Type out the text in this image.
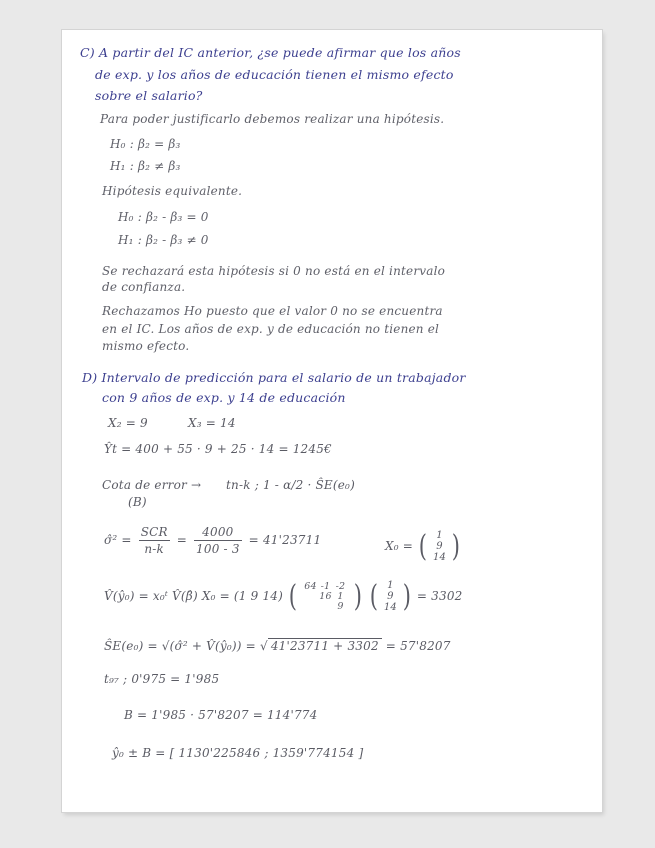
C) A partir del IC anterior, ¿se puede afirmar que los años
de exp. y los años de educación tienen el mismo efecto
sobre el salario?
Para poder justificarlo debemos realizar una hipótesis.
H₀ : β₂ = β₃
H₁ : β₂ ≠ β₃
Hipótesis equivalente.
H₀ : β₂ - β₃ = 0
H₁ : β₂ - β₃ ≠ 0
Se rechazará esta hipótesis si 0 no está en el intervalo
de confianza.
Rechazamos Ho puesto que el valor 0 no se encuentra
en el IC. Los años de exp. y de educación no tienen el
mismo efecto.
D) Intervalo de predicción para el salario de un trabajador
con 9 años de exp. y 14 de educación
X₂ = 9	X₃ = 14
Ŷt = 400 + 55 · 9 + 25 · 14 = 1245€
Cota de error → tn-k ; 1 - α/2 · ŜE(e₀)
(B)
σ̂² = $\frac{\text{SCR}}{n-k} = \frac{4000}{100 - 3} = 41'23711$	X₀ = ( 1
9
14 )
V̂(ŷ₀) = x₀ᵗ V̂(β̂) X₀ = (1 9 14) ( 64 -1 -2
16 1
9 ) ( 1
9
14 ) = 3302
ŜE(e₀) = √(σ̂² + V̂(ŷ₀)) = √ 41'23711 + 3302 = 57'8207
t₉₇ ; 0'975 = 1'985
B = 1'985 · 57'8207 = 114'774
ŷ₀ ± B = [ 1130'225846 ; 1359'774154 ]
